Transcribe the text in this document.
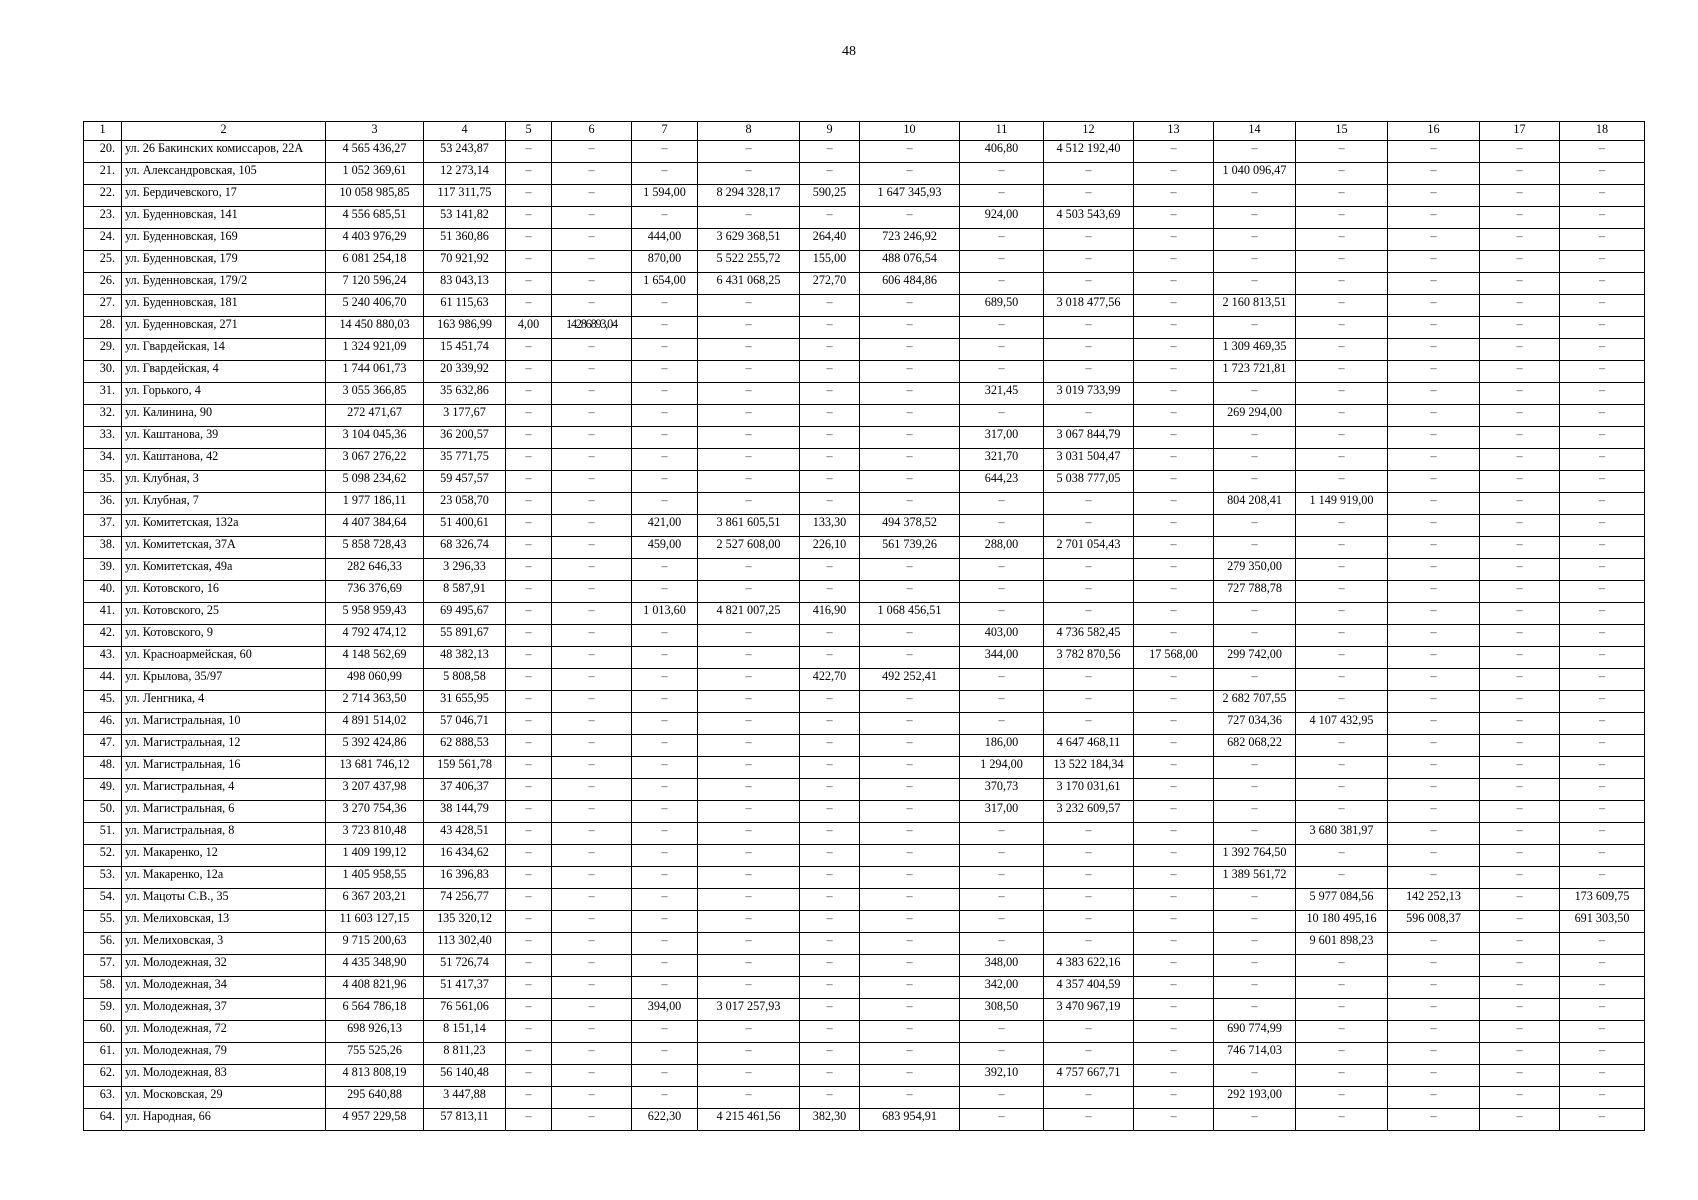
48
1	2	3	4	5	6	7	8	9	10	11	12	13	14	15	16	17	18
20.	ул. 26 Бакинских комиссаров, 22А	4 565 436,27	53 243,87	–	–	–	–	–	–	406,80	4 512 192,40	–	–	–	–	–	–
21.	ул. Александровская, 105	1 052 369,61	12 273,14	–	–	–	–	–	–	–	–	–	1 040 096,47	–	–	–	–
22.	ул. Бердичевского, 17	10 058 985,85	117 311,75	–	–	1 594,00	8 294 328,17	590,25	1 647 345,93	–	–	–	–	–	–	–	–
23.	ул. Буденновская, 141	4 556 685,51	53 141,82	–	–	–	–	–	–	924,00	4 503 543,69	–	–	–	–	–	–
24.	ул. Буденновская, 169	4 403 976,29	51 360,86	–	–	444,00	3 629 368,51	264,40	723 246,92	–	–	–	–	–	–	–	–
25.	ул. Буденновская, 179	6 081 254,18	70 921,92	–	–	870,00	5 522 255,72	155,00	488 076,54	–	–	–	–	–	–	–	–
26.	ул. Буденновская, 179/2	7 120 596,24	83 043,13	–	–	1 654,00	6 431 068,25	272,70	606 484,86	–	–	–	–	–	–	–	–
27.	ул. Буденновская, 181	5 240 406,70	61 115,63	–	–	–	–	–	–	689,50	3 018 477,56	–	2 160 813,51	–	–	–	–
28.	ул. Буденновская, 271	14 450 880,03	163 986,99	4,00	14286893,04	–	–	–	–	–	–	–	–	–	–	–	–
29.	ул. Гвардейская, 14	1 324 921,09	15 451,74	–	–	–	–	–	–	–	–	–	1 309 469,35	–	–	–	–
30.	ул. Гвардейская, 4	1 744 061,73	20 339,92	–	–	–	–	–	–	–	–	–	1 723 721,81	–	–	–	–
31.	ул. Горького, 4	3 055 366,85	35 632,86	–	–	–	–	–	–	321,45	3 019 733,99	–	–	–	–	–	–
32.	ул. Калинина, 90	272 471,67	3 177,67	–	–	–	–	–	–	–	–	–	269 294,00	–	–	–	–
33.	ул. Каштанова, 39	3 104 045,36	36 200,57	–	–	–	–	–	–	317,00	3 067 844,79	–	–	–	–	–	–
34.	ул. Каштанова, 42	3 067 276,22	35 771,75	–	–	–	–	–	–	321,70	3 031 504,47	–	–	–	–	–	–
35.	ул. Клубная, 3	5 098 234,62	59 457,57	–	–	–	–	–	–	644,23	5 038 777,05	–	–	–	–	–	–
36.	ул. Клубная, 7	1 977 186,11	23 058,70	–	–	–	–	–	–	–	–	–	804 208,41	1 149 919,00	–	–	–
37.	ул. Комитетская, 132а	4 407 384,64	51 400,61	–	–	421,00	3 861 605,51	133,30	494 378,52	–	–	–	–	–	–	–	–
38.	ул. Комитетская, 37А	5 858 728,43	68 326,74	–	–	459,00	2 527 608,00	226,10	561 739,26	288,00	2 701 054,43	–	–	–	–	–	–
39.	ул. Комитетская, 49а	282 646,33	3 296,33	–	–	–	–	–	–	–	–	–	279 350,00	–	–	–	–
40.	ул. Котовского, 16	736 376,69	8 587,91	–	–	–	–	–	–	–	–	–	727 788,78	–	–	–	–
41.	ул. Котовского, 25	5 958 959,43	69 495,67	–	–	1 013,60	4 821 007,25	416,90	1 068 456,51	–	–	–	–	–	–	–	–
42.	ул. Котовского, 9	4 792 474,12	55 891,67	–	–	–	–	–	–	403,00	4 736 582,45	–	–	–	–	–	–
43.	ул. Красноармейская, 60	4 148 562,69	48 382,13	–	–	–	–	–	–	344,00	3 782 870,56	17 568,00	299 742,00	–	–	–	–
44.	ул. Крылова, 35/97	498 060,99	5 808,58	–	–	–	–	422,70	492 252,41	–	–	–	–	–	–	–	–
45.	ул. Ленгника, 4	2 714 363,50	31 655,95	–	–	–	–	–	–	–	–	–	2 682 707,55	–	–	–	–
46.	ул. Магистральная, 10	4 891 514,02	57 046,71	–	–	–	–	–	–	–	–	–	727 034,36	4 107 432,95	–	–	–
47.	ул. Магистральная, 12	5 392 424,86	62 888,53	–	–	–	–	–	–	186,00	4 647 468,11	–	682 068,22	–	–	–	–
48.	ул. Магистральная, 16	13 681 746,12	159 561,78	–	–	–	–	–	–	1 294,00	13 522 184,34	–	–	–	–	–	–
49.	ул. Магистральная, 4	3 207 437,98	37 406,37	–	–	–	–	–	–	370,73	3 170 031,61	–	–	–	–	–	–
50.	ул. Магистральная, 6	3 270 754,36	38 144,79	–	–	–	–	–	–	317,00	3 232 609,57	–	–	–	–	–	–
51.	ул. Магистральная, 8	3 723 810,48	43 428,51	–	–	–	–	–	–	–	–	–	–	3 680 381,97	–	–	–
52.	ул. Макаренко, 12	1 409 199,12	16 434,62	–	–	–	–	–	–	–	–	–	1 392 764,50	–	–	–	–
53.	ул. Макаренко, 12а	1 405 958,55	16 396,83	–	–	–	–	–	–	–	–	–	1 389 561,72	–	–	–	–
54.	ул. Мацоты С.В., 35	6 367 203,21	74 256,77	–	–	–	–	–	–	–	–	–	–	5 977 084,56	142 252,13	–	173 609,75
55.	ул. Мелиховская, 13	11 603 127,15	135 320,12	–	–	–	–	–	–	–	–	–	–	10 180 495,16	596 008,37	–	691 303,50
56.	ул. Мелиховская, 3	9 715 200,63	113 302,40	–	–	–	–	–	–	–	–	–	–	9 601 898,23	–	–	–
57.	ул. Молодежная, 32	4 435 348,90	51 726,74	–	–	–	–	–	–	348,00	4 383 622,16	–	–	–	–	–	–
58.	ул. Молодежная, 34	4 408 821,96	51 417,37	–	–	–	–	–	–	342,00	4 357 404,59	–	–	–	–	–	–
59.	ул. Молодежная, 37	6 564 786,18	76 561,06	–	–	394,00	3 017 257,93	–	–	308,50	3 470 967,19	–	–	–	–	–	–
60.	ул. Молодежная, 72	698 926,13	8 151,14	–	–	–	–	–	–	–	–	–	690 774,99	–	–	–	–
61.	ул. Молодежная, 79	755 525,26	8 811,23	–	–	–	–	–	–	–	–	–	746 714,03	–	–	–	–
62.	ул. Молодежная, 83	4 813 808,19	56 140,48	–	–	–	–	–	–	392,10	4 757 667,71	–	–	–	–	–	–
63.	ул. Московская, 29	295 640,88	3 447,88	–	–	–	–	–	–	–	–	–	292 193,00	–	–	–	–
64.	ул. Народная, 66	4 957 229,58	57 813,11	–	–	622,30	4 215 461,56	382,30	683 954,91	–	–	–	–	–	–	–	–
